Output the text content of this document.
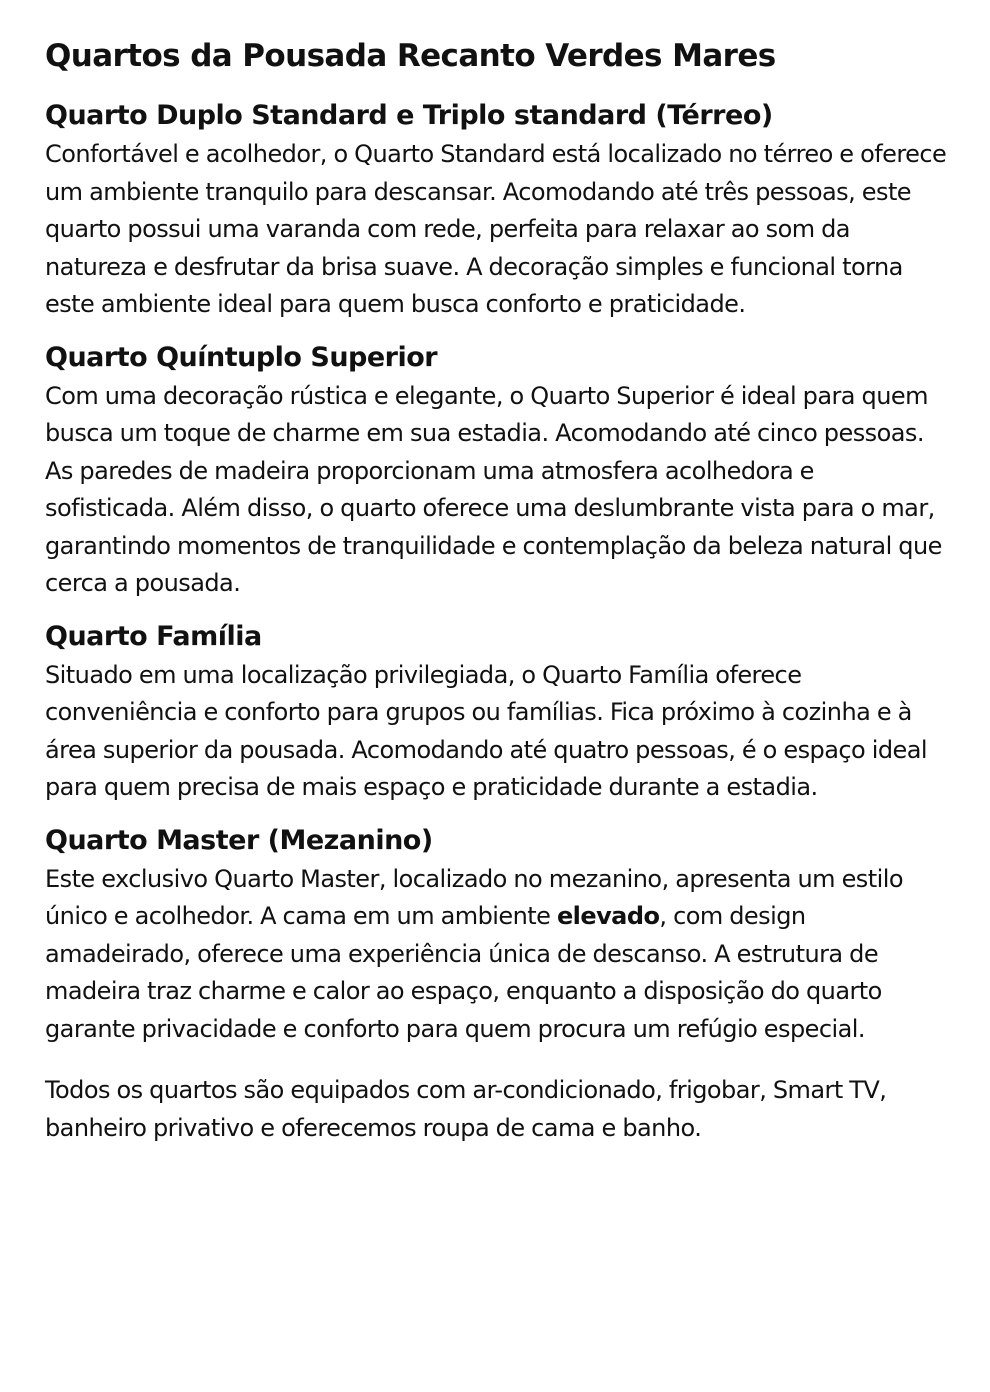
Quartos da Pousada Recanto Verdes Mares
Quarto Duplo Standard e Triplo standard (Térreo)

Confortável e acolhedor, o Quarto Standard está localizado no térreo e oferece um ambiente tranquilo para descansar. Acomodando até três pessoas, este quarto possui uma varanda com rede, perfeita para relaxar ao som da natureza e desfrutar da brisa suave. A decoração simples e funcional torna este ambiente ideal para quem busca conforto e praticidade.

Quarto Quíntuplo Superior

Com uma decoração rústica e elegante, o Quarto Superior é ideal para quem busca um toque de charme em sua estadia. Acomodando até cinco pessoas. As paredes de madeira proporcionam uma atmosfera acolhedora e sofisticada. Além disso, o quarto oferece uma deslumbrante vista para o mar, garantindo momentos de tranquilidade e contemplação da beleza natural que cerca a pousada.

Quarto Família

Situado em uma localização privilegiada, o Quarto Família oferece conveniência e conforto para grupos ou famílias. Fica próximo à cozinha e à área superior da pousada. Acomodando até quatro pessoas, é o espaço ideal para quem precisa de mais espaço e praticidade durante a estadia.

Quarto Master (Mezanino)

Este exclusivo Quarto Master, localizado no mezanino, apresenta um estilo único e acolhedor. A cama em um ambiente elevado, com design amadeirado, oferece uma experiência única de descanso. A estrutura de madeira traz charme e calor ao espaço, enquanto a disposição do quarto garante privacidade e conforto para quem procura um refúgio especial.

Todos os quartos são equipados com ar-condicionado, frigobar, Smart TV, banheiro privativo e oferecemos roupa de cama e banho.
